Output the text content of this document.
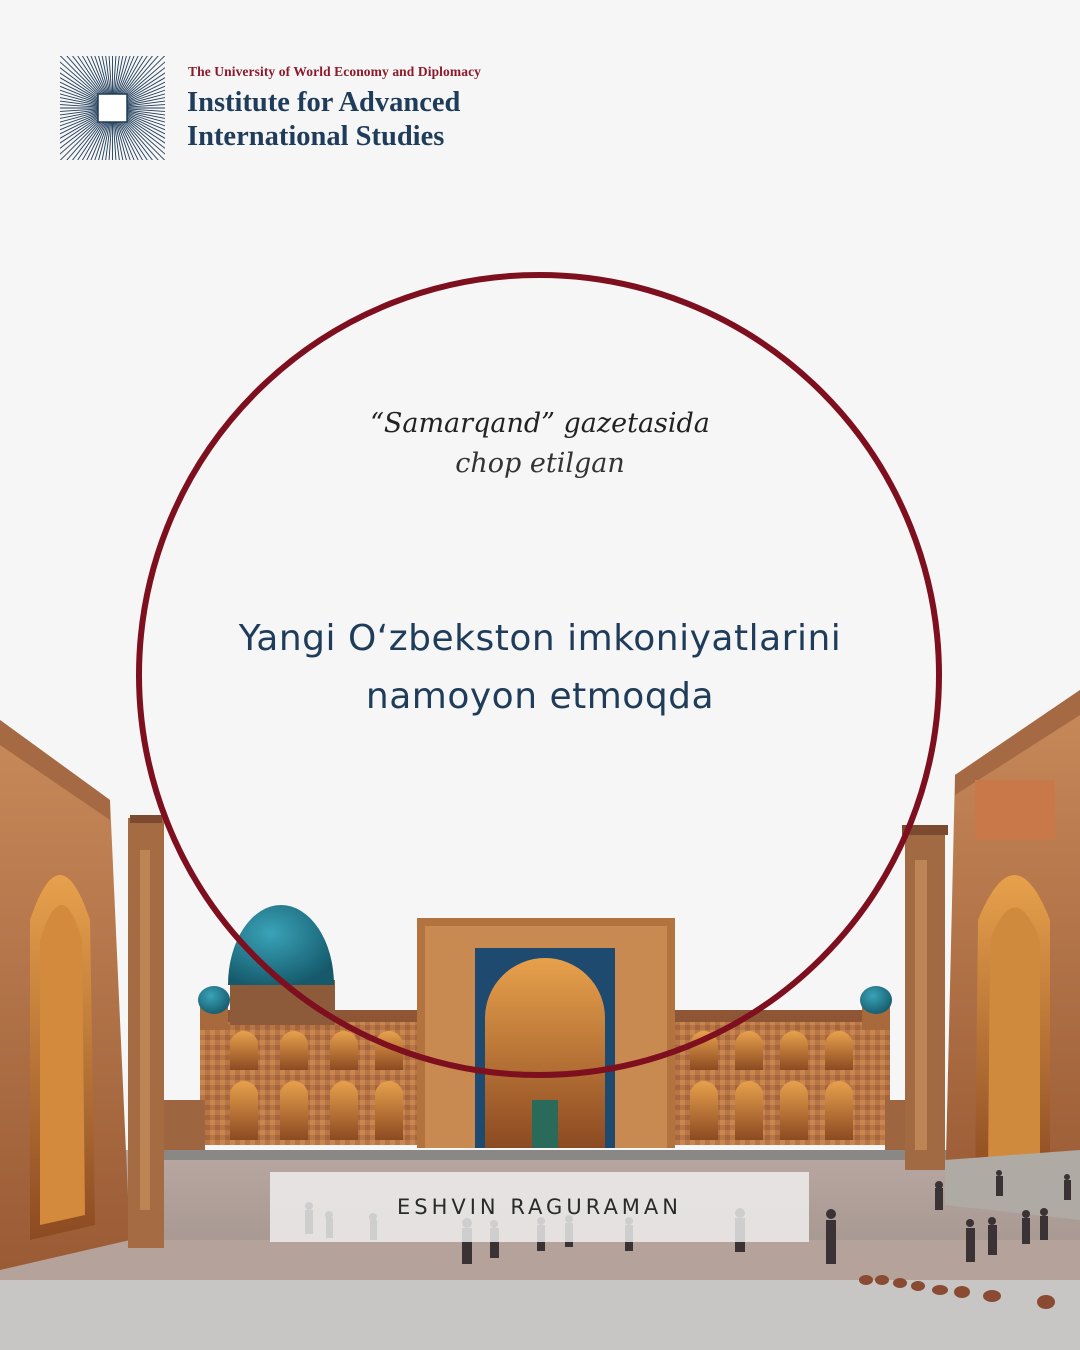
The University of World Economy and Diplomacy
Institute for Advanced
International Studies
“Samarqand” gazetasida
chop etilgan
Yangi O‘zbekston imkoniyatlarini
namoyon etmoqda
ESHVIN RAGURAMAN
